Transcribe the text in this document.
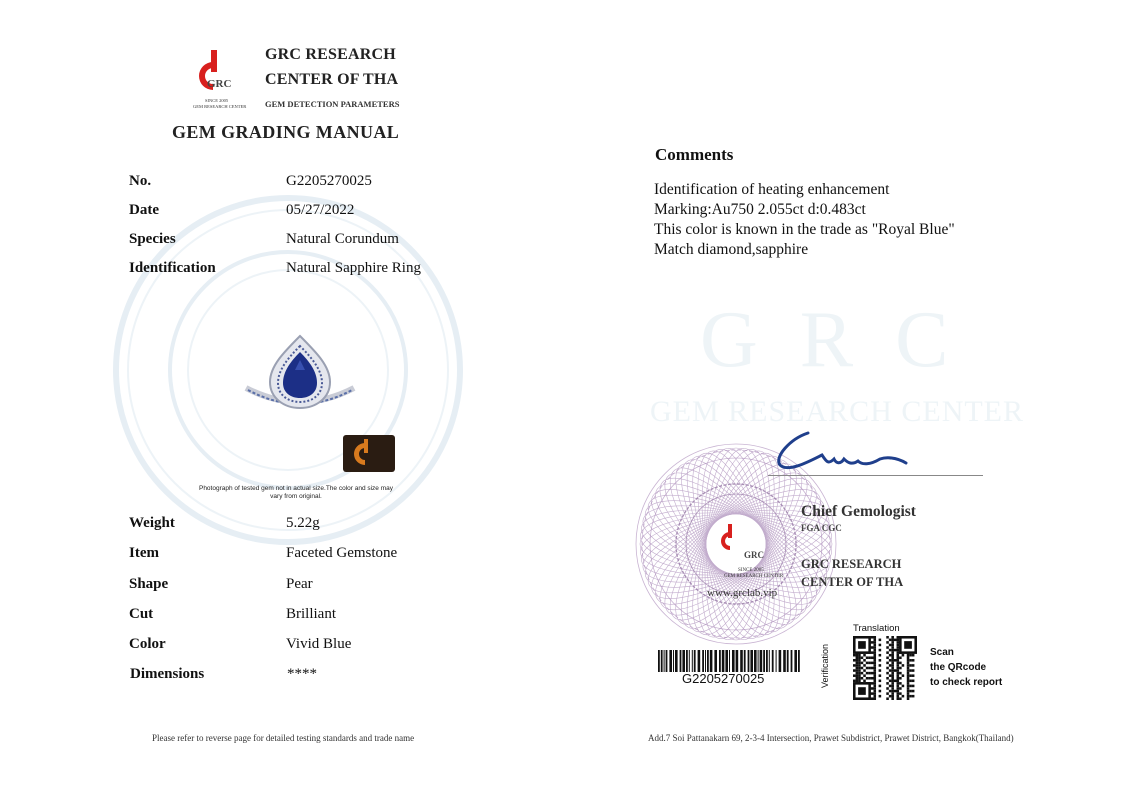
GRC
GEM RESEARCH CENTER
GRC
SINCE 2005
GEM RESEARCH CENTER
GRC RESEARCH
CENTER OF THA
GEM DETECTION PARAMETERS
GEM GRADING MANUAL
No.	G2205270025
Date	05/27/2022
Species	Natural Corundum
Identification	Natural Sapphire Ring
Photograph of tested gem not in actual size.The color and size may vary from original.
Weight	5.22g
Item	Faceted Gemstone
Shape	Pear
Cut	Brilliant
Color	Vivid Blue
Dimensions	****
Comments
Identification of heating enhancement
Marking:Au750 2.055ct d:0.483ct
This color is known in the trade as "Royal Blue"
Match diamond,sapphire
GRC
SINCE 2005
GEM RESEARCH CENTER
www.grclab.vip
Chief Gemologist
FGA CGC
GRC RESEARCH
CENTER OF THA
G2205270025
Translation
Verification	Scan
the QRcode
to check report
Please refer to reverse page for detailed testing standards and trade name	Add.7 Soi Pattanakarn 69, 2-3-4 Intersection, Prawet Subdistrict, Prawet District, Bangkok(Thailand)
